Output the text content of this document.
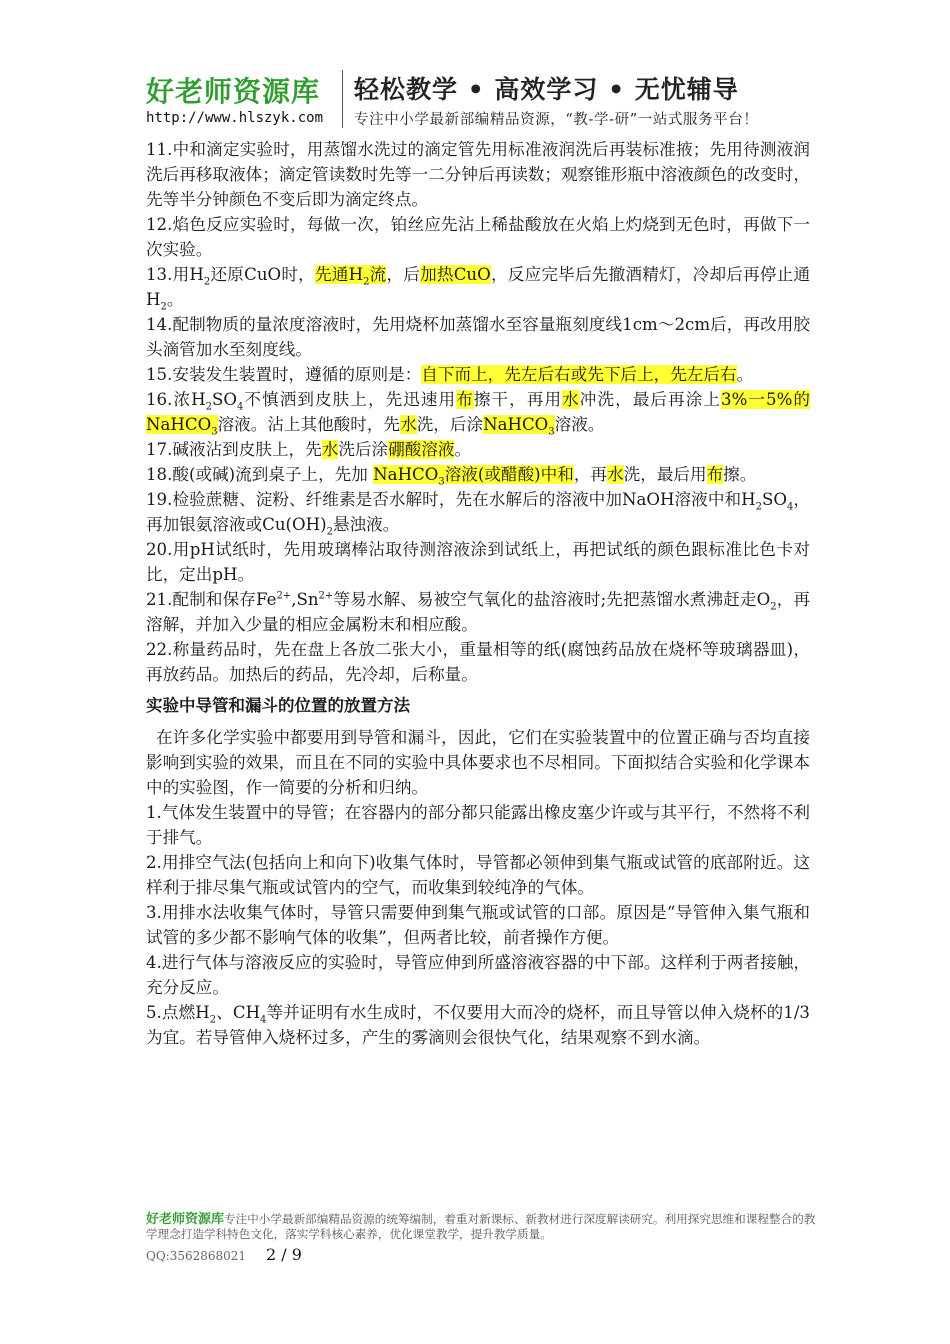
好老师资源库 轻松教学 • 高效学习 • 无忧辅导
http://www.hlszyk.com 专注中小学最新部编精品资源，“教-学-研”一站式服务平台！

11.中和滴定实验时，用蒸馏水洗过的滴定管先用标准液润洗后再装标准掖；先用待测液润洗后再移取液体；滴定管读数时先等一二分钟后再读数；观察锥形瓶中溶液颜色的改变时，先等半分钟颜色不变后即为滴定终点。

12.焰色反应实验时，每做一次，铂丝应先沾上稀盐酸放在火焰上灼烧到无色时，再做下一次实验。

13.用$H_2$还原CuO时，先通$H_2$流，后加热CuO，反应完毕后先撤酒精灯，冷却后再停止通$H_2$。

14.配制物质的量浓度溶液时，先用烧杯加蒸馏水至容量瓶刻度线1cm～2cm后，再改用胶头滴管加水至刻度线。

15.安装发生装置时，遵循的原则是：自下而上，先左后右或先下后上，先左后右。

16.浓$H_2SO_4$不慎洒到皮肤上，先迅速用布擦干，再用水冲洗，最后再涂上3%一5%的 NaHCO$_3$溶液。沾上其他酸时，先水洗，后涂NaHCO$_3$溶液。

17.碱液沾到皮肤上，先水洗后涂硼酸溶液。

18.酸(或碱)流到桌子上，先加 NaHCO$_3$溶液(或醋酸)中和，再水洗，最后用布擦。

19.检验蔗糖、淀粉、纤维素是否水解时，先在水解后的溶液中加NaOH溶液中和$H_2SO_4$，再加银氨溶液或$Cu(OH)_2$悬浊液。

20.用pH试纸时，先用玻璃棒沾取待测溶液涂到试纸上，再把试纸的颜色跟标准比色卡对比，定出pH。

21.配制和保存$Fe^{2+},Sn^{2+}$等易水解、易被空气氧化的盐溶液时;先把蒸馏水煮沸赶走$O_2$，再溶解，并加入少量的相应金属粉末和相应酸。

22.称量药品时，先在盘上各放二张大小，重量相等的纸(腐蚀药品放在烧杯等玻璃器皿)，再放药品。加热后的药品，先冷却，后称量。

实验中导管和漏斗的位置的放置方法

在许多化学实验中都要用到导管和漏斗，因此，它们在实验装置中的位置正确与否均直接影响到实验的效果，而且在不同的实验中具体要求也不尽相同。下面拟结合实验和化学课本中的实验图，作一简要的分析和归纳。

1.气体发生装置中的导管；在容器内的部分都只能露出橡皮塞少许或与其平行，不然将不利于排气。

2.用排空气法(包括向上和向下)收集气体时，导管都必领伸到集气瓶或试管的底部附近。这样利于排尽集气瓶或试管内的空气，而收集到较纯净的气体。

3.用排水法收集气体时，导管只需要伸到集气瓶或试管的口部。原因是“导管伸入集气瓶和试管的多少都不影响气体的收集”，但两者比较，前者操作方便。

4.进行气体与溶液反应的实验时，导管应伸到所盛溶液容器的中下部。这样利于两者接触，充分反应。

5.点燃$H_2$、$CH_4$等并证明有水生成时，不仅要用大而冷的烧杯，而且导管以伸入烧杯的1/3为宜。若导管伸入烧杯过多，产生的雾滴则会很快气化，结果观察不到水滴。

好老师资源库专注中小学最新部编精品资源的统筹编制，着重对新课标、新教材进行深度解读研究。利用探究思维和课程整合的教学理念打造学科特色文化，落实学科核心素养，优化课堂教学，提升教学质量。
QQ:3562868021 2 / 9
